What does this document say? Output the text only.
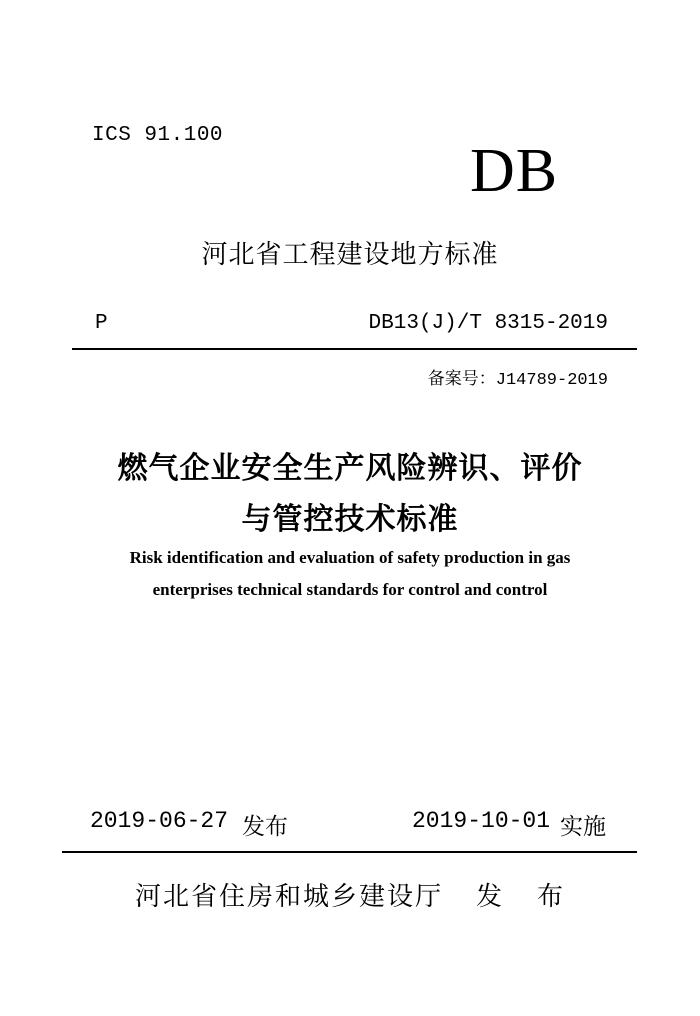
ICS 91.100
DB
河北省工程建设地方标准
P	DB13(J)/T 8315-2019
备案号：J14789-2019
燃气企业安全生产风险辨识、评价
与管控技术标准
Risk identification and evaluation of safety production in gas
enterprises technical standards for control and control
2019-06-27 发布	2019-10-01 实施
河北省住房和城乡建设厅 发 布
